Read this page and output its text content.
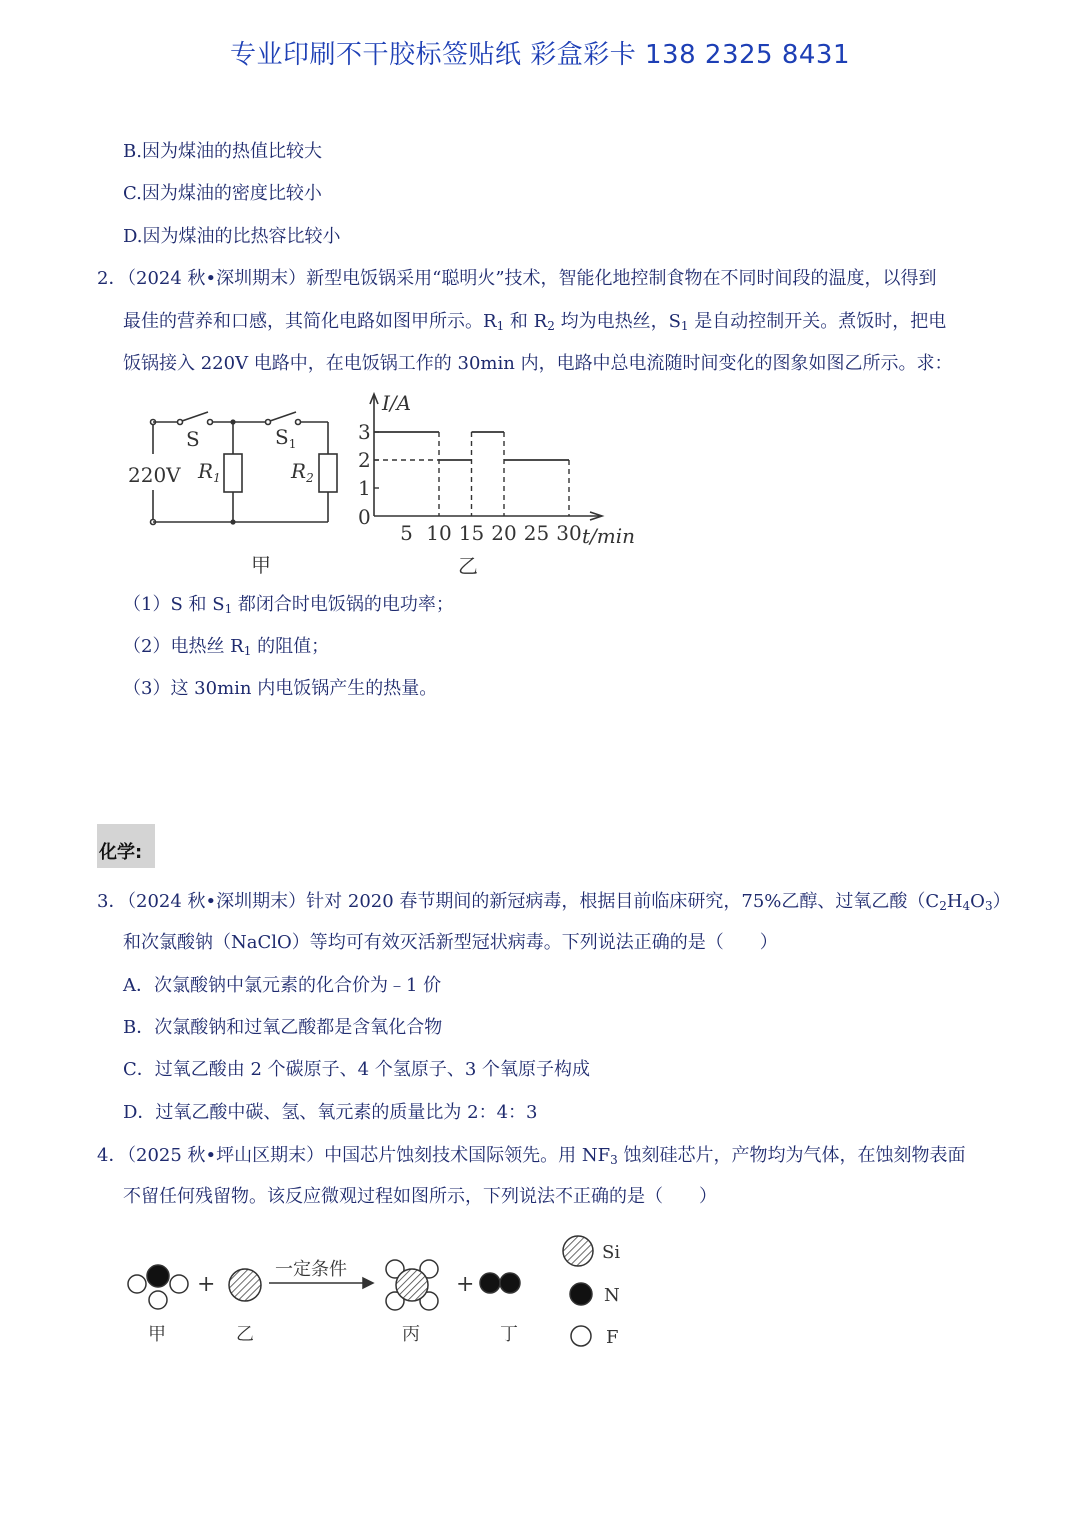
专业印刷不干胶标签贴纸 彩盒彩卡 138 2325 8431
B.因为煤油的热值比较大
C.因为煤油的密度比较小
D.因为煤油的比热容比较小
2．
（2024 秋•深圳期末）新型电饭锅采用“聪明火”技术，智能化地控制食物在不同时间段的温度，以得到
最佳的营养和口感，其简化电路如图甲所示。$R_1$ 和 $R_2$ 均为电热丝，$S_1$ 是自动控制开关。煮饭时，把电
饭锅接入 220V 电路中，在电饭锅工作的 30min 内，电路中总电流随时间变化的图象如图乙所示。求：
S	$S_1$
220V $R_1$	$R_2$
甲
1
2
3
5 10 15 20 25 30
I/A
t/min
0
乙
（1）S 和 $S_1$ 都闭合时电饭锅的电功率；
（2）电热丝 $R_1$ 的阻值；
（3）这 30min 内电饭锅产生的热量。
化学:
3．
（2024 秋•深圳期末）针对 2020 春节期间的新冠病毒，根据目前临床研究，75%乙醇、过氧乙酸$(C_2H_4O_3)$
和次氯酸钠（NaClO）等均可有效灭活新型冠状病毒。下列说法正确的是（　　）
A．次氯酸钠中氯元素的化合价为﹣1 价
B．次氯酸钠和过氧乙酸都是含氧化合物
C．过氧乙酸由 2 个碳原子、4 个氢原子、3 个氧原子构成
D．过氧乙酸中碳、氢、氧元素的质量比为 2：4：3
4．
（2025 秋•坪山区期末）中国芯片蚀刻技术国际领先。用 $NF_3$ 蚀刻硅芯片，产物均为气体，在蚀刻物表面
不留任何残留物。该反应微观过程如图所示，下列说法不正确的是（　　）
+	+
一定条件
甲	乙	丙	丁
Si
N
F
